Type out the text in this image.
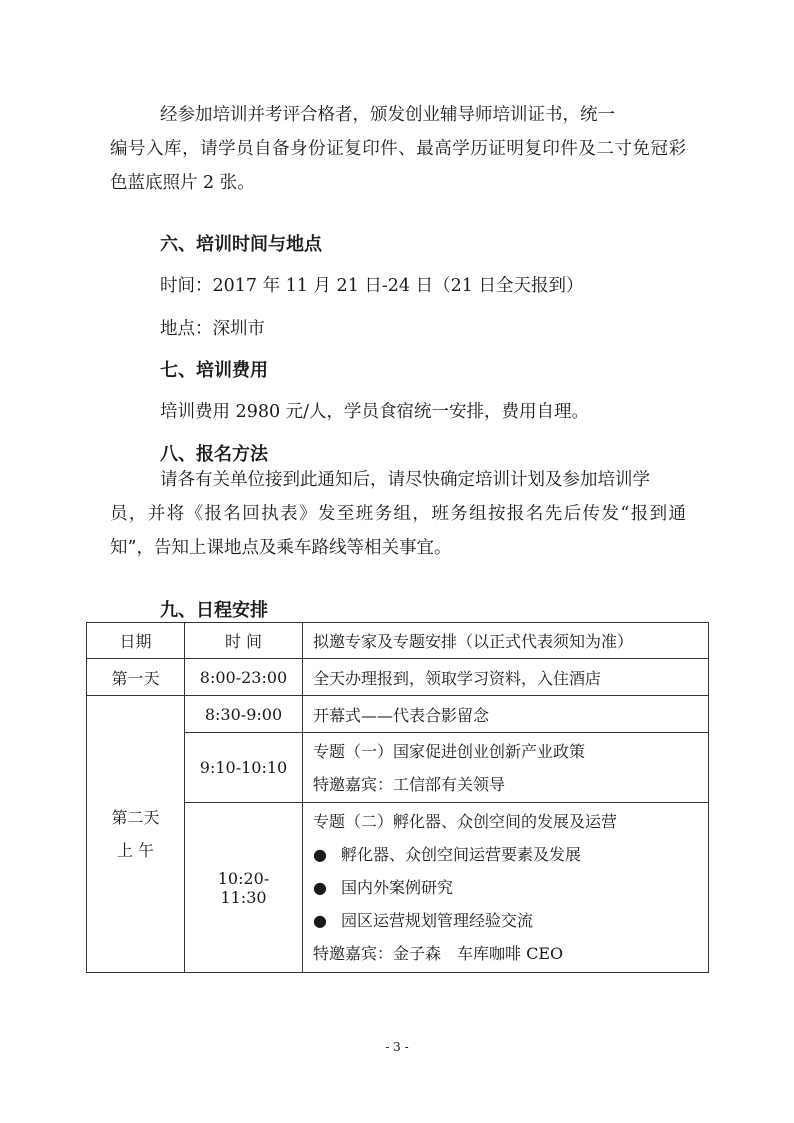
经参加培训并考评合格者，颁发创业辅导师培训证书，统一
编号入库，请学员自备身份证复印件、最高学历证明复印件及二寸免冠彩色蓝底照片 2 张。

六、培训时间与地点

时间：2017 年 11 月 21 日-24 日（21 日全天报到）

地点：深圳市

七、培训费用

培训费用 2980 元/人，学员食宿统一安排，费用自理。

八、报名方法

请各有关单位接到此通知后，请尽快确定培训计划及参加培训学
员，并将《报名回执表》发至班务组，班务组按报名先后传发“报到通知”，告知上课地点及乘车路线等相关事宜。

九、日程安排
日期	时 间	拟邀专家及专题安排（以正式代表须知为准）
第一天	8:00-23:00	全天办理报到，领取学习资料，入住酒店

第二天
上 午	8:30-9:00	开幕式——代表合影留念
	9:10-10:10	专题（一）国家促进创业创新产业政策
特邀嘉宾：工信部有关领导

	10:20-11:30	专题（二）孵化器、众创空间的发展及运营
● 孵化器、众创空间运营要素及发展
● 国内外案例研究
● 园区运营规划管理经验交流
特邀嘉宾：金子森　车库咖啡 CEO
- 3 -
